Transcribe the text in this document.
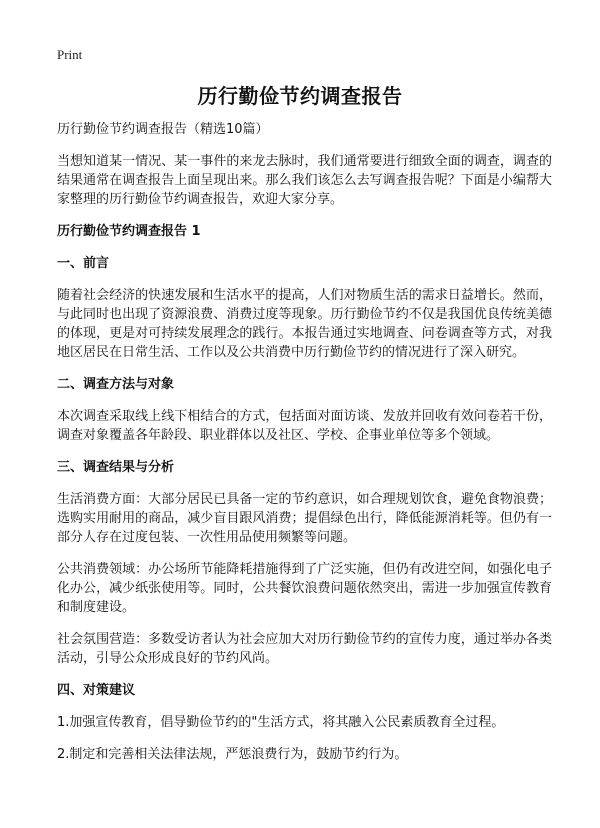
Print
历行勤俭节约调查报告

历行勤俭节约调查报告（精选10篇）

当想知道某一情况、某一事件的来龙去脉时，我们通常要进行细致全面的调查，调查的结果通常在调查报告上面呈现出来。那么我们该怎么去写调查报告呢？下面是小编帮大家整理的历行勤俭节约调查报告，欢迎大家分享。

历行勤俭节约调查报告 1
一、前言

随着社会经济的快速发展和生活水平的提高，人们对物质生活的需求日益增长。然而，与此同时也出现了资源浪费、消费过度等现象。历行勤俭节约不仅是我国优良传统美德的体现，更是对可持续发展理念的践行。本报告通过实地调查、问卷调查等方式，对我地区居民在日常生活、工作以及公共消费中历行勤俭节约的情况进行了深入研究。

二、调查方法与对象

本次调查采取线上线下相结合的方式，包括面对面访谈、发放并回收有效问卷若干份，调查对象覆盖各年龄段、职业群体以及社区、学校、企事业单位等多个领域。

三、调查结果与分析

生活消费方面：大部分居民已具备一定的节约意识，如合理规划饮食，避免食物浪费；选购实用耐用的商品，减少盲目跟风消费；提倡绿色出行，降低能源消耗等。但仍有一部分人存在过度包装、一次性用品使用频繁等问题。

公共消费领域：办公场所节能降耗措施得到了广泛实施，但仍有改进空间，如强化电子化办公，减少纸张使用等。同时，公共餐饮浪费问题依然突出，需进一步加强宣传教育和制度建设。

社会氛围营造：多数受访者认为社会应加大对历行勤俭节约的宣传力度，通过举办各类活动，引导公众形成良好的节约风尚。

四、对策建议

1.加强宣传教育，倡导勤俭节约的"生活方式，将其融入公民素质教育全过程。

2.制定和完善相关法律法规，严惩浪费行为，鼓励节约行为。
